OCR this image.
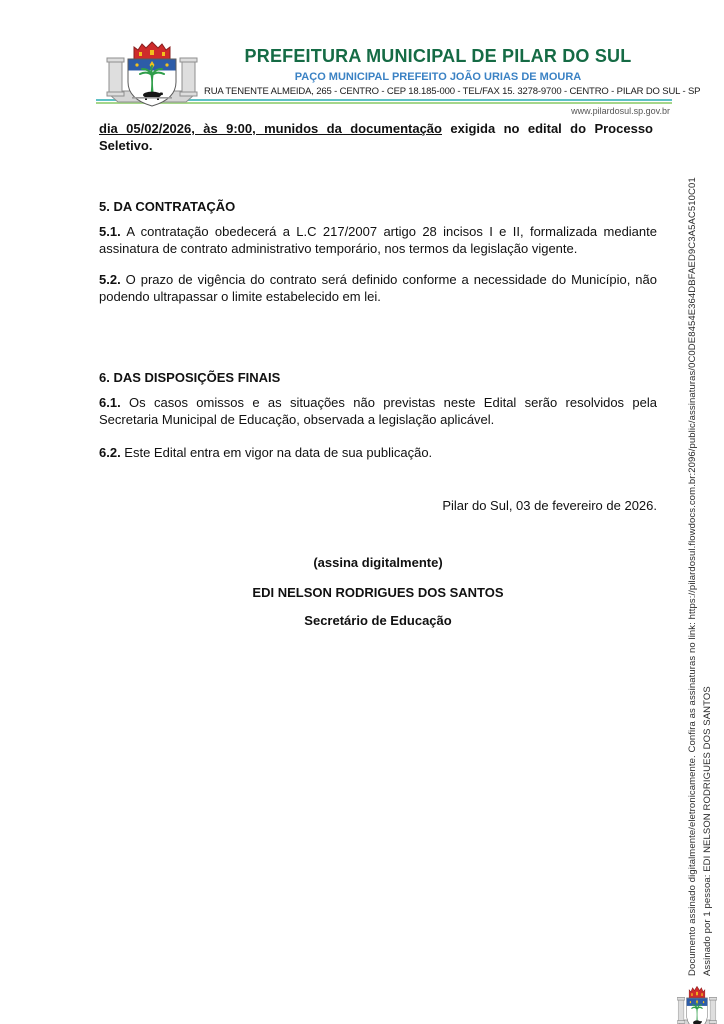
PREFEITURA MUNICIPAL DE PILAR DO SUL
PAÇO MUNICIPAL PREFEITO JOÃO URIAS DE MOURA
RUA TENENTE ALMEIDA, 265 - CENTRO - CEP 18.185-000 - TEL/FAX 15. 3278-9700 - CENTRO - PILAR DO SUL - SP
www.pilardosul.sp.gov.br

dia 05/02/2026, às 9:00, munidos da documentação exigida no edital do Processo Seletivo.

5. DA CONTRATAÇÃO

5.1. A contratação obedecerá a L.C 217/2007 artigo 28 incisos I e II, formalizada mediante assinatura de contrato administrativo temporário, nos termos da legislação vigente.

5.2. O prazo de vigência do contrato será definido conforme a necessidade do Município, não podendo ultrapassar o limite estabelecido em lei.

6. DAS DISPOSIÇÕES FINAIS

6.1. Os casos omissos e as situações não previstas neste Edital serão resolvidos pela Secretaria Municipal de Educação, observada a legislação aplicável.

6.2. Este Edital entra em vigor na data de sua publicação.

Pilar do Sul, 03 de fevereiro de 2026.
(assina digitalmente)
EDI NELSON RODRIGUES DOS SANTOS
Secretário de Educação
Assinado por 1 pessoa: EDI NELSON RODRIGUES DOS SANTOS
Documento assinado digitalmente/eletronicamente. Confira as assinaturas no link: https://pilardosul.flowdocs.com.br:2096/public/assinaturas/0C0DE8454E364DBFAED9C3A5AC510C01
